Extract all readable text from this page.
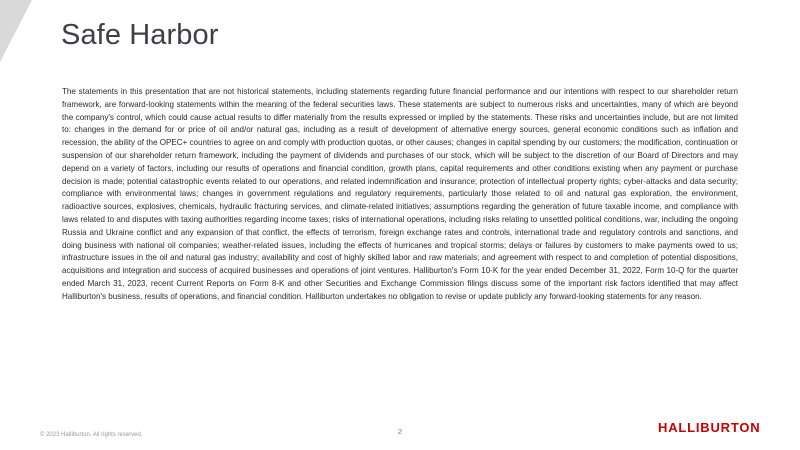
Safe Harbor

The statements in this presentation that are not historical statements, including statements regarding future financial performance and our intentions with respect to our shareholder return framework, are forward-looking statements within the meaning of the federal securities laws. These statements are subject to numerous risks and uncertainties, many of which are beyond the company's control, which could cause actual results to differ materially from the results expressed or implied by the statements. These risks and uncertainties include, but are not limited to: changes in the demand for or price of oil and/or natural gas, including as a result of development of alternative energy sources, general economic conditions such as inflation and recession, the ability of the OPEC+ countries to agree on and comply with production quotas, or other causes; changes in capital spending by our customers; the modification, continuation or suspension of our shareholder return framework, including the payment of dividends and purchases of our stock, which will be subject to the discretion of our Board of Directors and may depend on a variety of factors, including our results of operations and financial condition, growth plans, capital requirements and other conditions existing when any payment or purchase decision is made; potential catastrophic events related to our operations, and related indemnification and insurance; protection of intellectual property rights; cyber-attacks and data security; compliance with environmental laws; changes in government regulations and regulatory requirements, particularly those related to oil and natural gas exploration, the environment, radioactive sources, explosives, chemicals, hydraulic fracturing services, and climate-related initiatives; assumptions regarding the generation of future taxable income, and compliance with laws related to and disputes with taxing authorities regarding income taxes; risks of international operations, including risks relating to unsettled political conditions, war, including the ongoing Russia and Ukraine conflict and any expansion of that conflict, the effects of terrorism, foreign exchange rates and controls, international trade and regulatory controls and sanctions, and doing business with national oil companies; weather-related issues, including the effects of hurricanes and tropical storms; delays or failures by customers to make payments owed to us; infrastructure issues in the oil and natural gas industry; availability and cost of highly skilled labor and raw materials; and agreement with respect to and completion of potential dispositions, acquisitions and integration and success of acquired businesses and operations of joint ventures. Halliburton's Form 10-K for the year ended December 31, 2022, Form 10-Q for the quarter ended March 31, 2023, recent Current Reports on Form 8-K and other Securities and Exchange Commission filings discuss some of the important risk factors identified that may affect Halliburton's business, results of operations, and financial condition. Halliburton undertakes no obligation to revise or update publicly any forward-looking statements for any reason.

2
© 2023 Halliburton. All rights reserved.	HALLIBURTON
